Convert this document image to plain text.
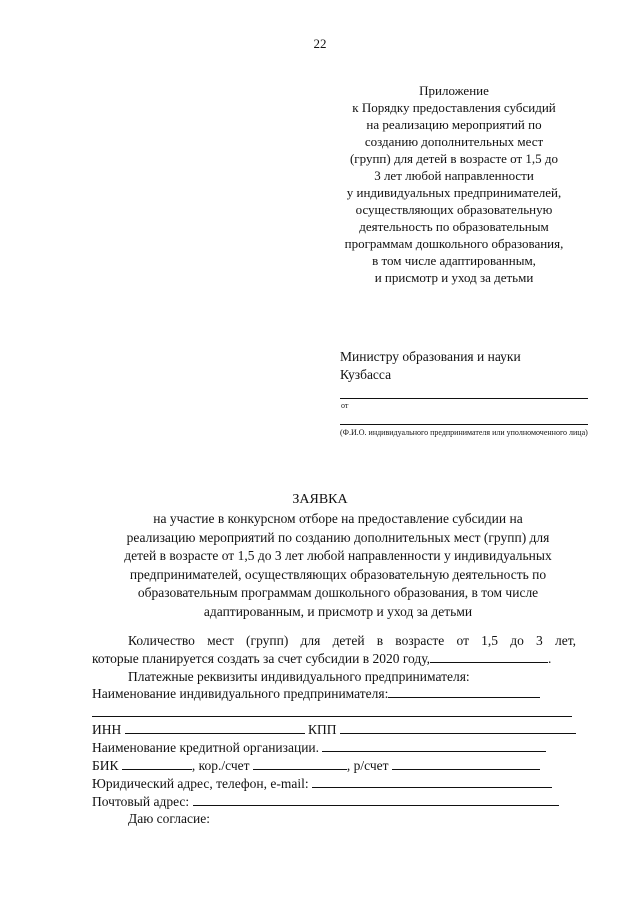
22
Приложение
к Порядку предоставления субсидий
на реализацию мероприятий по
созданию дополнительных мест
(групп) для детей в возрасте от 1,5 до
3 лет любой направленности
у индивидуальных предпринимателей,
осуществляющих образовательную
деятельность по образовательным
программам дошкольного образования,
в том числе адаптированным,
и присмотр и уход за детьми
Министру образования и науки
Кузбасса
от
(Ф.И.О. индивидуального предпринимателя или уполномоченного лица)
ЗАЯВКА
на участие в конкурсном отборе на предоставление субсидии на
реализацию мероприятий по созданию дополнительных мест (групп) для
детей в возрасте от 1,5 до 3 лет любой направленности у индивидуальных
предпринимателей, осуществляющих образовательную деятельность по
образовательным программам дошкольного образования, в том числе
адаптированным, и присмотр и уход за детьми
Количество мест (групп) для детей в возрасте от 1,5 до 3 лет,
которые планируется создать за счет субсидии в 2020 году,	.
Платежные реквизиты индивидуального предпринимателя:
Наименование индивидуального предпринимателя:
ИНН	КПП
Наименование кредитной организации.
БИК	, кор./счет	, р/счет
Юридический адрес, телефон, e-mail:
Почтовый адрес:
Даю согласие:
